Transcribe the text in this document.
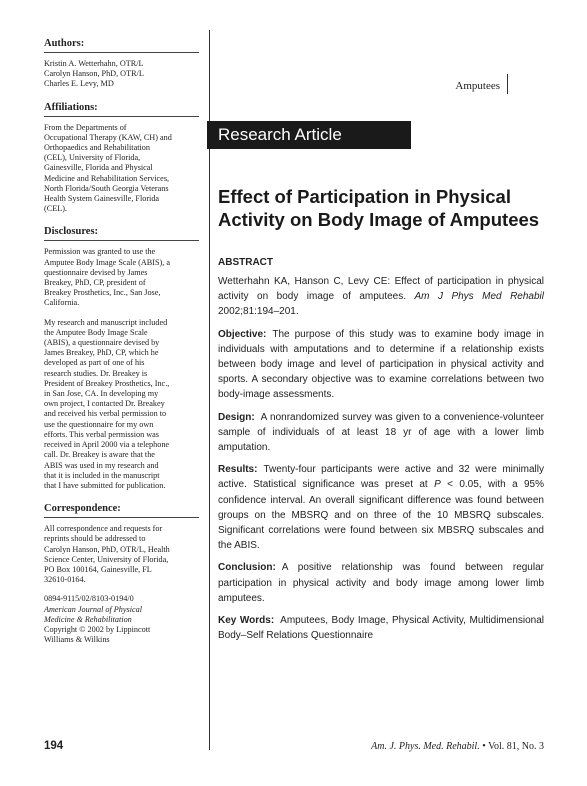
Authors:

Kristin A. Wetterhahn, OTR/L
Carolyn Hanson, PhD, OTR/L
Charles E. Levy, MD

Affiliations:

From the Departments of
Occupational Therapy (KAW, CH) and
Orthopaedics and Rehabilitation
(CEL), University of Florida,
Gainesville, Florida and Physical
Medicine and Rehabilitation Services,
North Florida/South Georgia Veterans
Health System Gainesville, Florida
(CEL).

Disclosures:

Permission was granted to use the
Amputee Body Image Scale (ABIS), a
questionnaire devised by James
Breakey, PhD, CP, president of
Breakey Prosthetics, Inc., San Jose,
California.

My research and manuscript included
the Amputee Body Image Scale
(ABIS), a questionnaire devised by
James Breakey, PhD, CP, which he
developed as part of one of his
research studies. Dr. Breakey is
President of Breakey Prosthetics, Inc.,
in San Jose, CA. In developing my
own project, I contacted Dr. Breakey
and received his verbal permission to
use the questionnaire for my own
efforts. This verbal permission was
received in April 2000 via a telephone
call. Dr. Breakey is aware that the
ABIS was used in my research and
that it is included in the manuscript
that I have submitted for publication.

Correspondence:

All correspondence and requests for
reprints should be addressed to
Carolyn Hanson, PhD, OTR/L, Health
Science Center, University of Florida,
PO Box 100164, Gainesville, FL
32610-0164.

0894-9115/02/8103-0194/0
American Journal of Physical
Medicine & Rehabilitation
Copyright © 2002 by Lippincott
Williams & Wilkins
Amputees
Research Article
Effect of Participation in Physical Activity on Body Image of Amputees
ABSTRACT

Wetterhahn KA, Hanson C, Levy CE: Effect of participation in physical activity on body image of amputees. Am J Phys Med Rehabil 2002;81:194–201.

Objective: The purpose of this study was to examine body image in individuals with amputations and to determine if a relationship exists between body image and level of participation in physical activity and sports. A secondary objective was to examine correlations between two body-image assessments.

Design: A nonrandomized survey was given to a convenience-volunteer sample of individuals of at least 18 yr of age with a lower limb amputation.

Results: Twenty-four participants were active and 32 were minimally active. Statistical significance was preset at P < 0.05, with a 95% confidence interval. An overall significant difference was found between groups on the MBSRQ and on three of the 10 MBSRQ subscales. Significant correlations were found between six MBSRQ subscales and the ABIS.

Conclusion: A positive relationship was found between regular participation in physical activity and body image among lower limb amputees.

Key Words: Amputees, Body Image, Physical Activity, Multidimensional Body–Self Relations Questionnaire

194	Am. J. Phys. Med. Rehabil. • Vol. 81, No. 3
